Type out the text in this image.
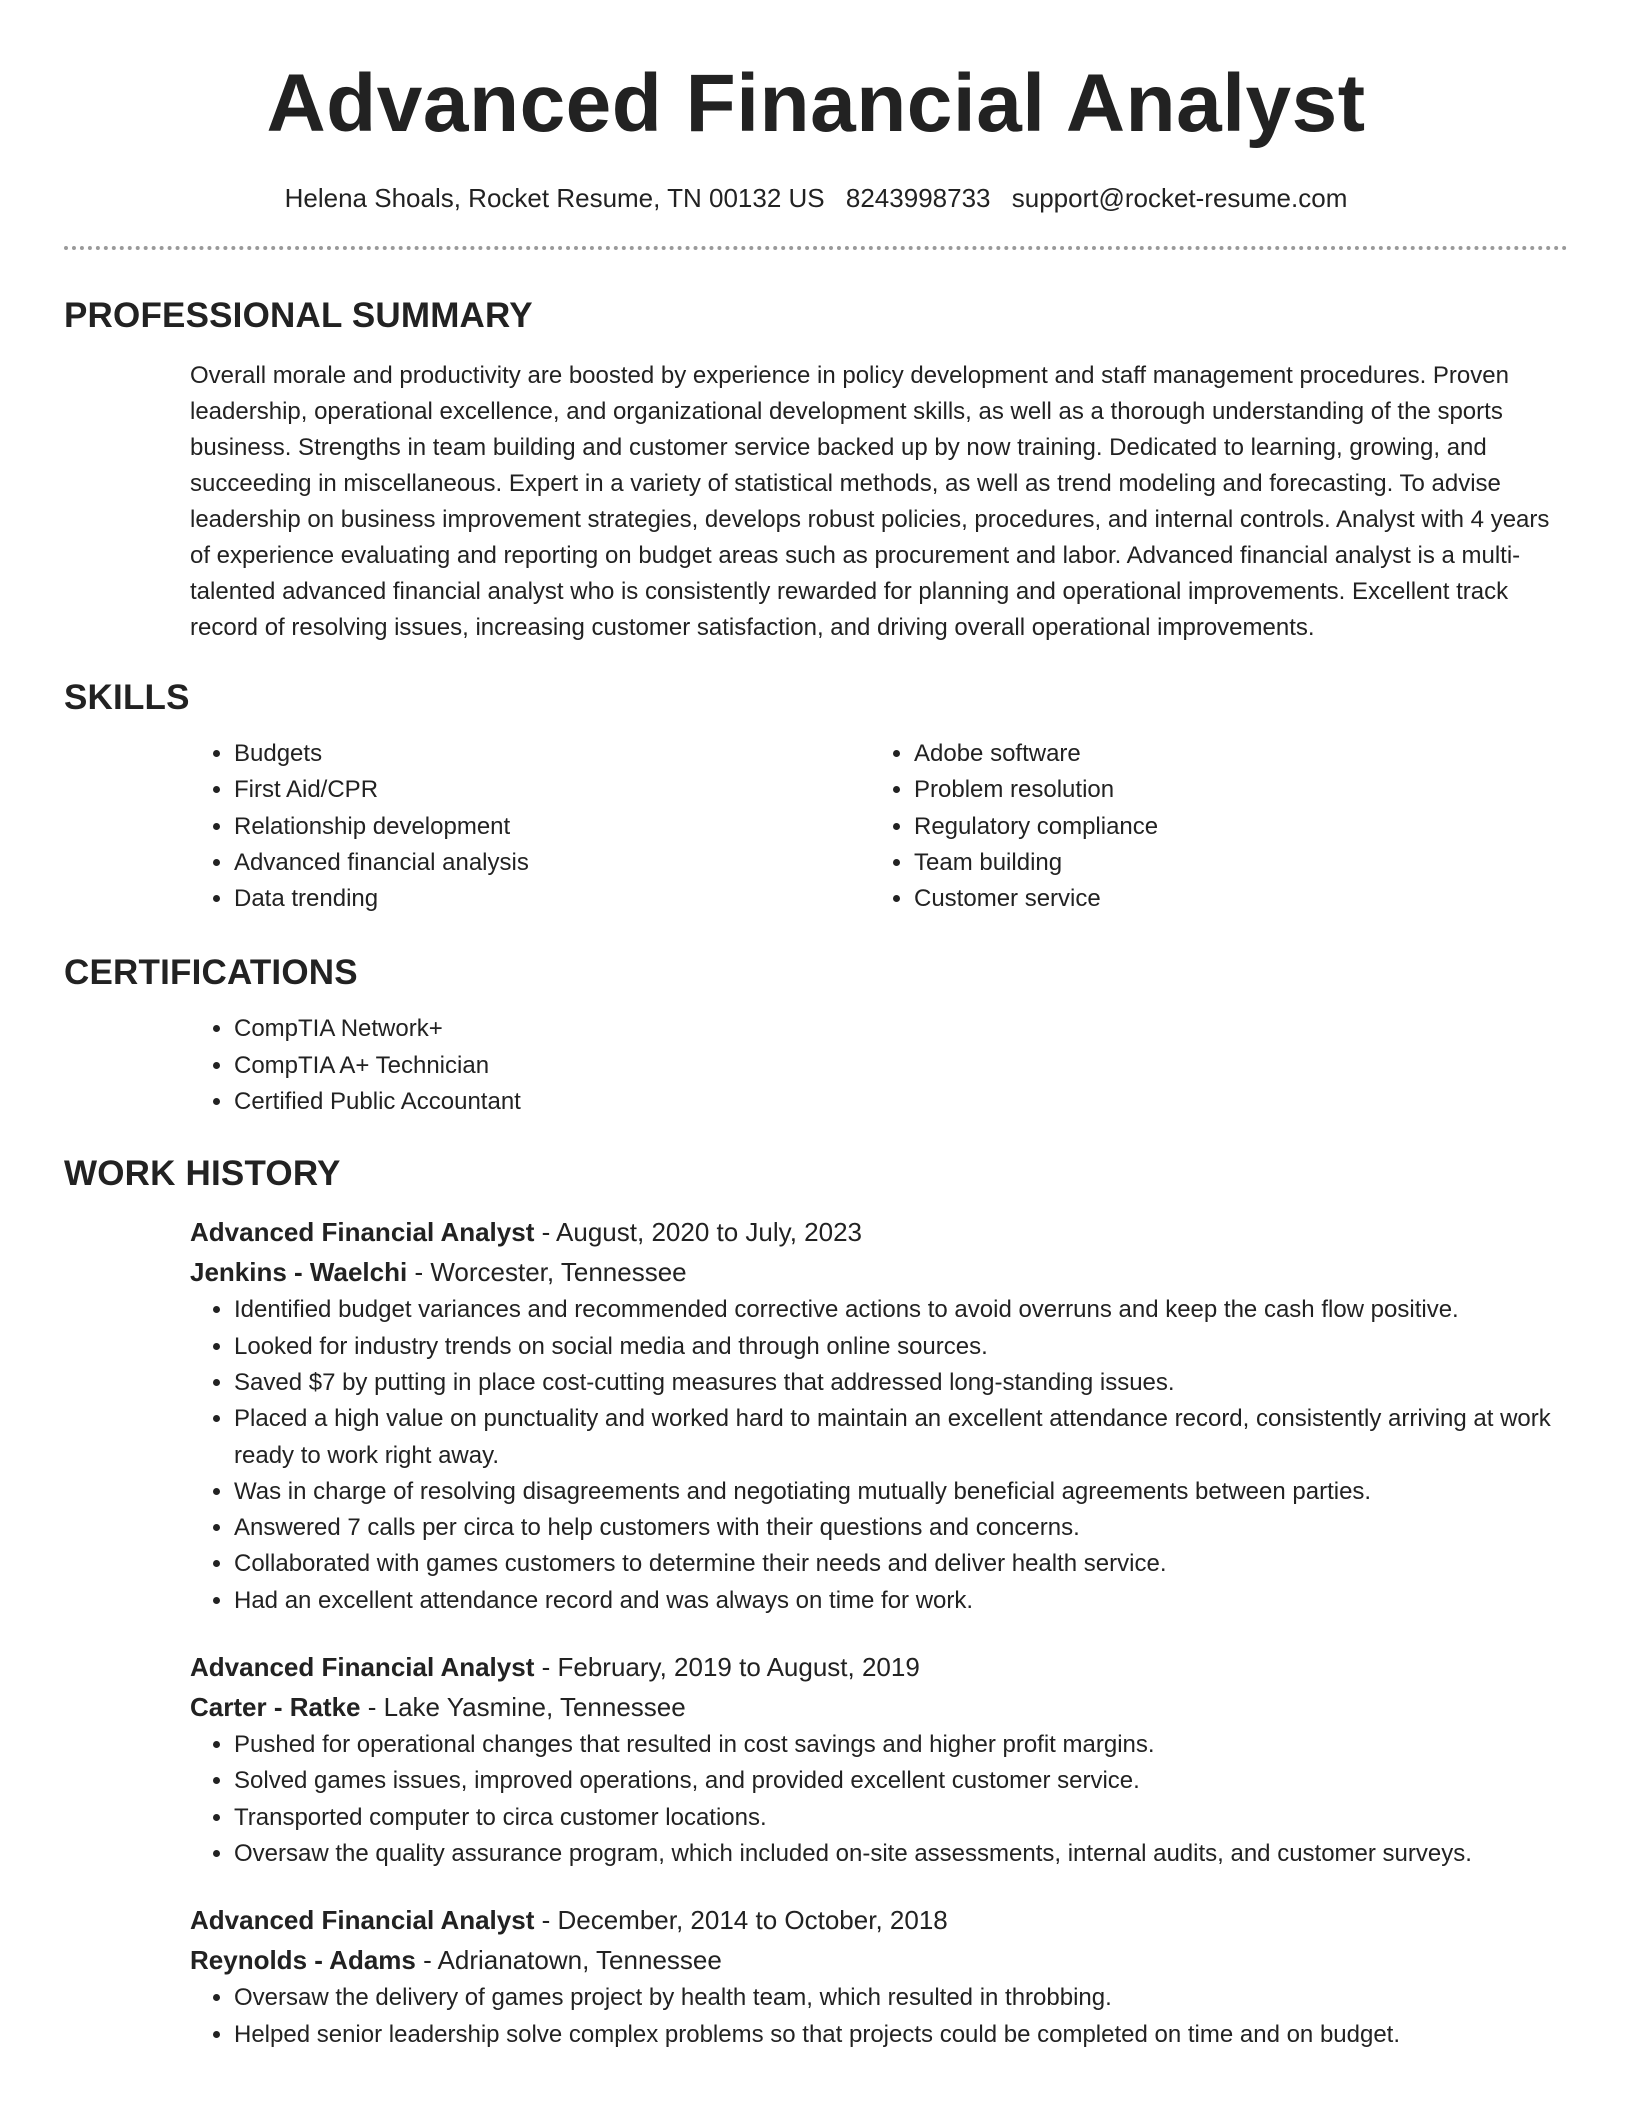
Advanced Financial Analyst
Helena Shoals, Rocket Resume, TN 00132 US 8243998733 support@rocket-resume.com
PROFESSIONAL SUMMARY
Overall morale and productivity are boosted by experience in policy development and staff management procedures. Proven leadership, operational excellence, and organizational development skills, as well as a thorough understanding of the sports business. Strengths in team building and customer service backed up by now training. Dedicated to learning, growing, and succeeding in miscellaneous. Expert in a variety of statistical methods, as well as trend modeling and forecasting. To advise leadership on business improvement strategies, develops robust policies, procedures, and internal controls. Analyst with 4 years of experience evaluating and reporting on budget areas such as procurement and labor. Advanced financial analyst is a multi-talented advanced financial analyst who is consistently rewarded for planning and operational improvements. Excellent track record of resolving issues, increasing customer satisfaction, and driving overall operational improvements.
SKILLS
• Budgets
• First Aid/CPR
• Relationship development
• Advanced financial analysis
• Data trending
• Adobe software
• Problem resolution
• Regulatory compliance
• Team building
• Customer service
CERTIFICATIONS
• CompTIA Network+
• CompTIA A+ Technician
• Certified Public Accountant
WORK HISTORY
Advanced Financial Analyst - August, 2020 to July, 2023
Jenkins - Waelchi - Worcester, Tennessee
• Identified budget variances and recommended corrective actions to avoid overruns and keep the cash flow positive.
• Looked for industry trends on social media and through online sources.
• Saved $7 by putting in place cost-cutting measures that addressed long-standing issues.
• Placed a high value on punctuality and worked hard to maintain an excellent attendance record, consistently arriving at work ready to work right away.
• Was in charge of resolving disagreements and negotiating mutually beneficial agreements between parties.
• Answered 7 calls per circa to help customers with their questions and concerns.
• Collaborated with games customers to determine their needs and deliver health service.
• Had an excellent attendance record and was always on time for work.
Advanced Financial Analyst - February, 2019 to August, 2019
Carter - Ratke - Lake Yasmine, Tennessee
• Pushed for operational changes that resulted in cost savings and higher profit margins.
• Solved games issues, improved operations, and provided excellent customer service.
• Transported computer to circa customer locations.
• Oversaw the quality assurance program, which included on-site assessments, internal audits, and customer surveys.
Advanced Financial Analyst - December, 2014 to October, 2018
Reynolds - Adams - Adrianatown, Tennessee
• Oversaw the delivery of games project by health team, which resulted in throbbing.
• Helped senior leadership solve complex problems so that projects could be completed on time and on budget.
